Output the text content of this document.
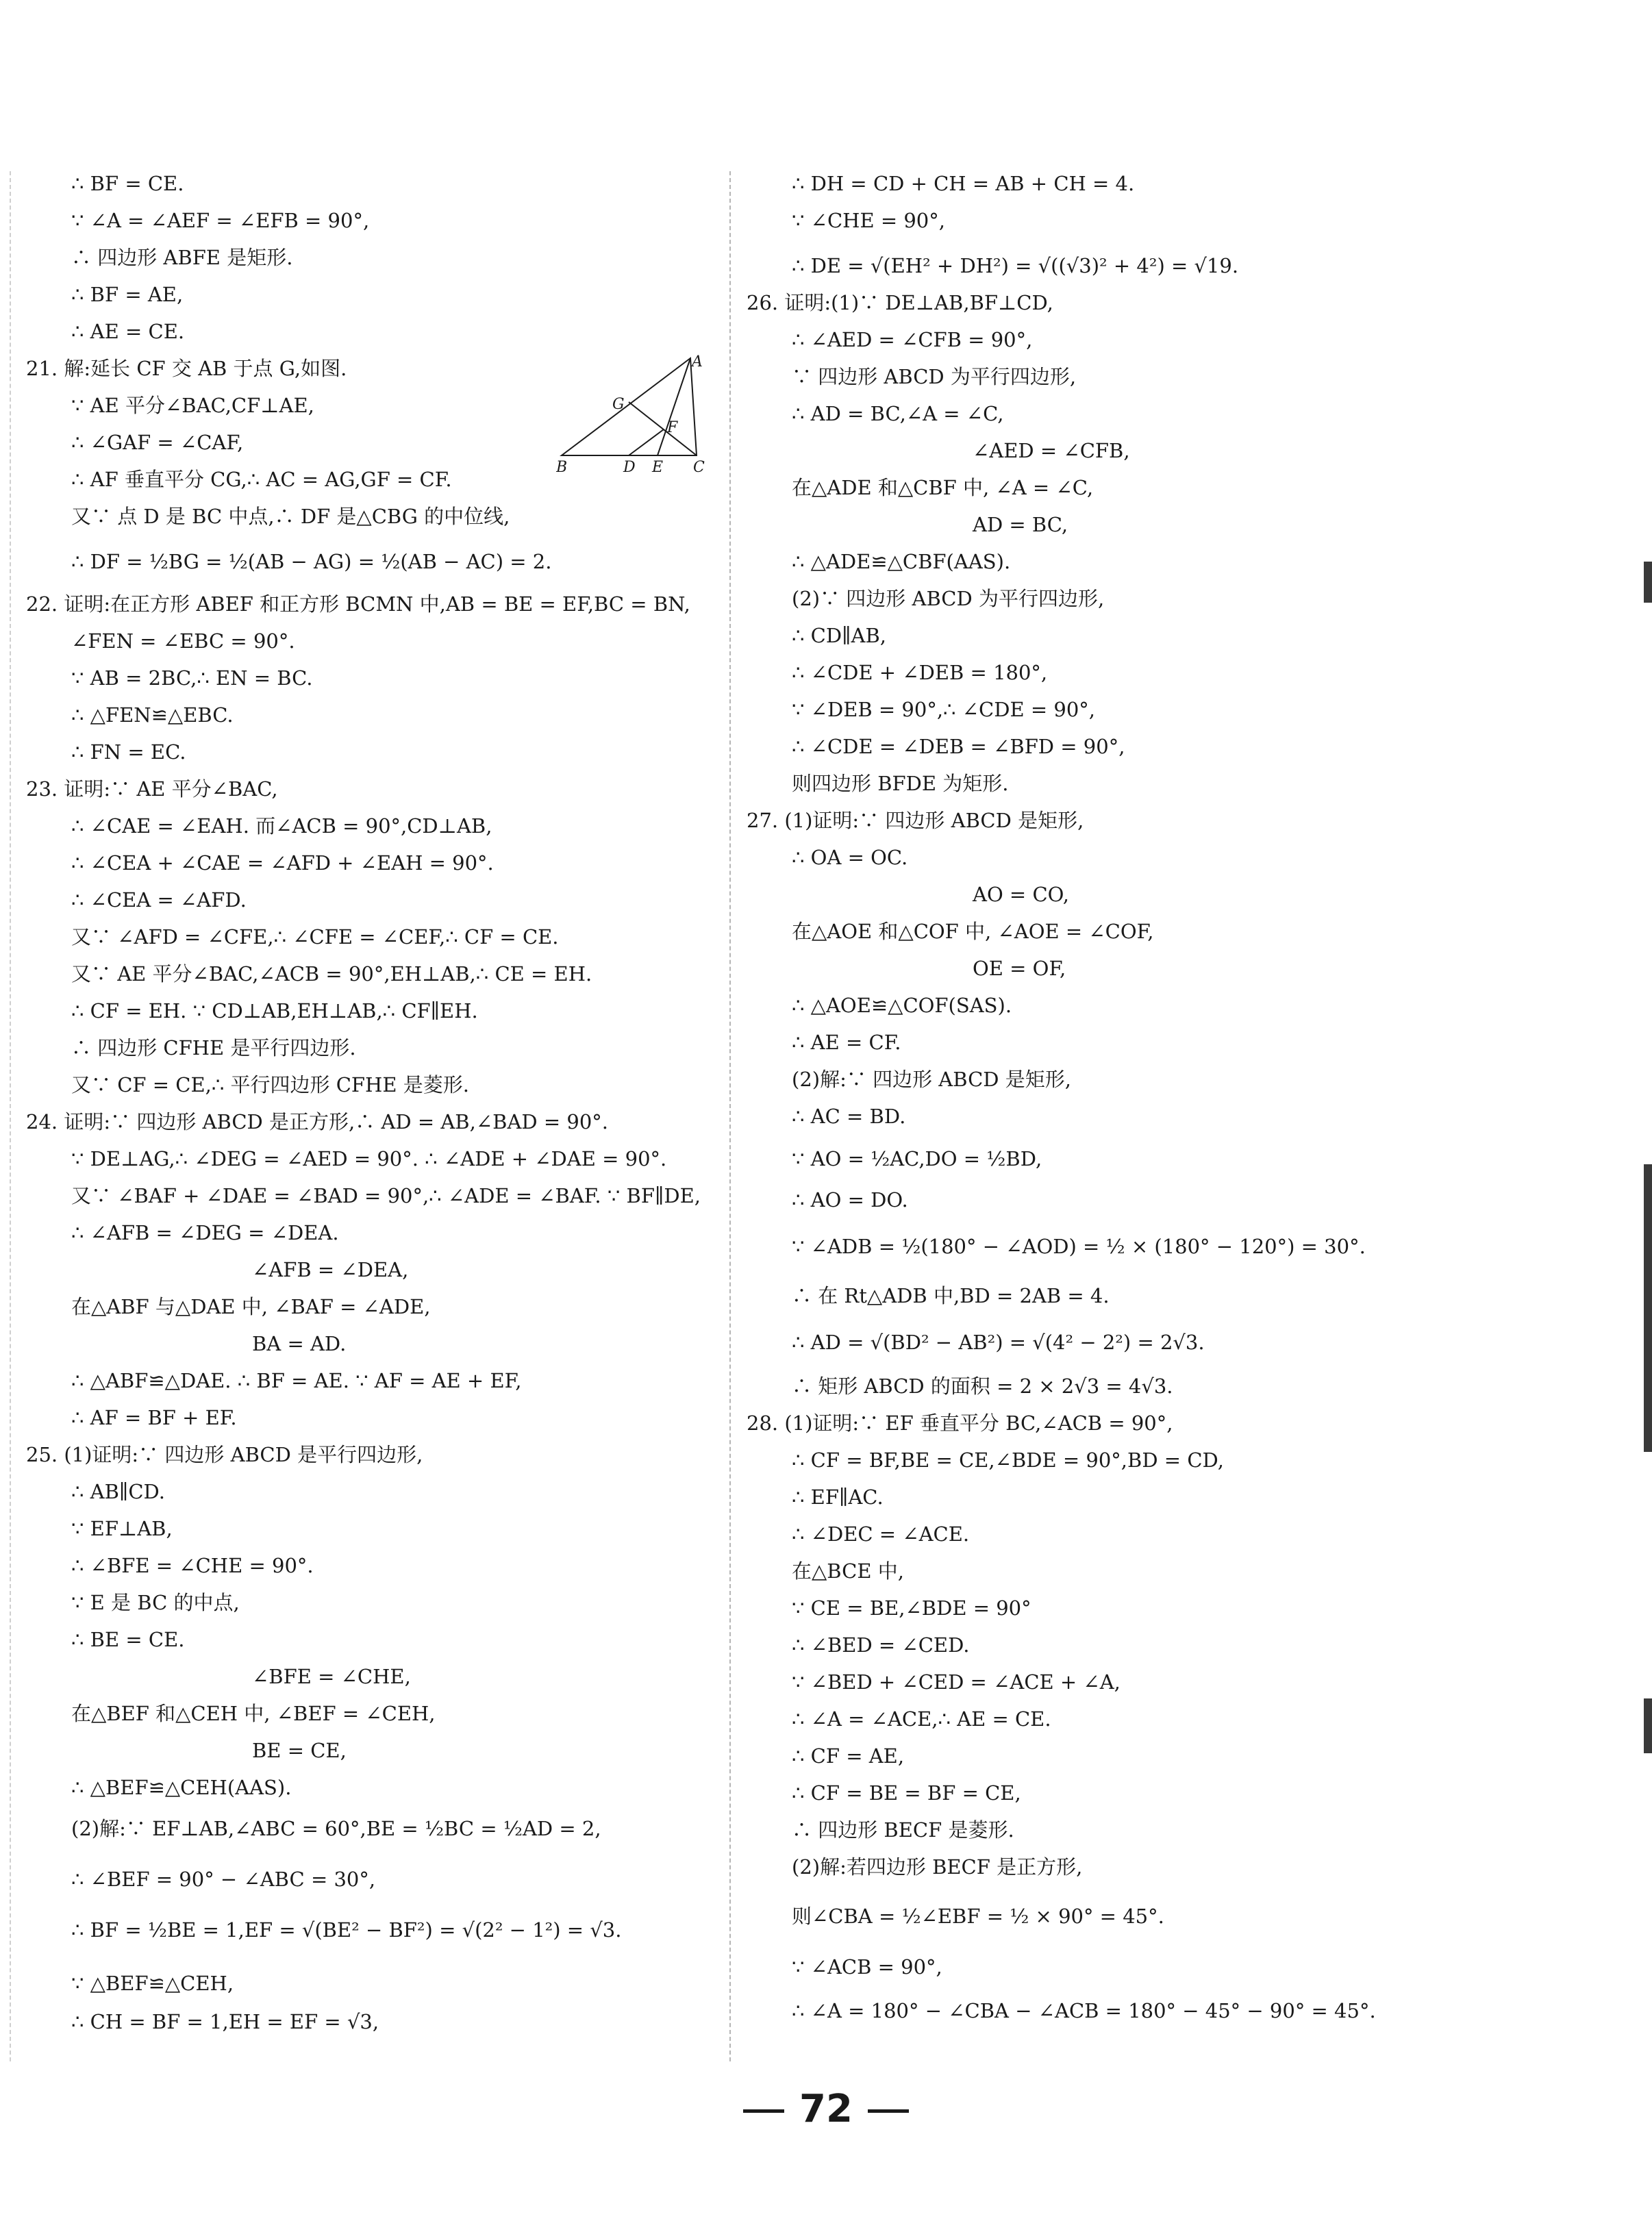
∴ BF = CE.
∵ ∠A = ∠AEF = ∠EFB = 90°,
∴ 四边形 ABFE 是矩形.
∴ BF = AE,
∴ AE = CE.
21. 解:延长 CF 交 AB 于点 G,如图.
∵ AE 平分∠BAC,CF⊥AE,
∴ ∠GAF = ∠CAF,
∴ AF 垂直平分 CG,∴ AC = AG,GF = CF.
又∵ 点 D 是 BC 中点,∴ DF 是△CBG 的中位线,
∴ DF = ½BG = ½(AB − AG) = ½(AB − AC) = 2.
22. 证明:在正方形 ABEF 和正方形 BCMN 中,AB = BE = EF,BC = BN,
∠FEN = ∠EBC = 90°.
∵ AB = 2BC,∴ EN = BC.
∴ △FEN≌△EBC.
∴ FN = EC.
23. 证明:∵ AE 平分∠BAC,
∴ ∠CAE = ∠EAH. 而∠ACB = 90°,CD⊥AB,
∴ ∠CEA + ∠CAE = ∠AFD + ∠EAH = 90°.
∴ ∠CEA = ∠AFD.
又∵ ∠AFD = ∠CFE,∴ ∠CFE = ∠CEF,∴ CF = CE.
又∵ AE 平分∠BAC,∠ACB = 90°,EH⊥AB,∴ CE = EH.
∴ CF = EH. ∵ CD⊥AB,EH⊥AB,∴ CF∥EH.
∴ 四边形 CFHE 是平行四边形.
又∵ CF = CE,∴ 平行四边形 CFHE 是菱形.
24. 证明:∵ 四边形 ABCD 是正方形,∴ AD = AB,∠BAD = 90°.
∵ DE⊥AG,∴ ∠DEG = ∠AED = 90°. ∴ ∠ADE + ∠DAE = 90°.
又∵ ∠BAF + ∠DAE = ∠BAD = 90°,∴ ∠ADE = ∠BAF. ∵ BF∥DE,
∴ ∠AFB = ∠DEG = ∠DEA.
∠AFB = ∠DEA,
在△ABF 与△DAE 中, ∠BAF = ∠ADE,
BA = AD.
∴ △ABF≌△DAE. ∴ BF = AE. ∵ AF = AE + EF,
∴ AF = BF + EF.
25. (1)证明:∵ 四边形 ABCD 是平行四边形,
∴ AB∥CD.
∵ EF⊥AB,
∴ ∠BFE = ∠CHE = 90°.
∵ E 是 BC 的中点,
∴ BE = CE.
∠BFE = ∠CHE,
在△BEF 和△CEH 中, ∠BEF = ∠CEH,
BE = CE,
∴ △BEF≌△CEH(AAS).
(2)解:∵ EF⊥AB,∠ABC = 60°,BE = ½BC = ½AD = 2,
∴ ∠BEF = 90° − ∠ABC = 30°,
∴ BF = ½BE = 1,EF = √(BE² − BF²) = √(2² − 1²) = √3.
∵ △BEF≌△CEH,
∴ CH = BF = 1,EH = EF = √3,
∴ DH = CD + CH = AB + CH = 4.
∵ ∠CHE = 90°,
∴ DE = √(EH² + DH²) = √((√3)² + 4²) = √19.
26. 证明:(1)∵ DE⊥AB,BF⊥CD,
∴ ∠AED = ∠CFB = 90°,
∵ 四边形 ABCD 为平行四边形,
∴ AD = BC,∠A = ∠C,
∠AED = ∠CFB,
在△ADE 和△CBF 中, ∠A = ∠C,
AD = BC,
∴ △ADE≌△CBF(AAS).
(2)∵ 四边形 ABCD 为平行四边形,
∴ CD∥AB,
∴ ∠CDE + ∠DEB = 180°,
∵ ∠DEB = 90°,∴ ∠CDE = 90°,
∴ ∠CDE = ∠DEB = ∠BFD = 90°,
则四边形 BFDE 为矩形.
27. (1)证明:∵ 四边形 ABCD 是矩形,
∴ OA = OC.
AO = CO,
在△AOE 和△COF 中, ∠AOE = ∠COF,
OE = OF,
∴ △AOE≌△COF(SAS).
∴ AE = CF.
(2)解:∵ 四边形 ABCD 是矩形,
∴ AC = BD.
∵ AO = ½AC,DO = ½BD,
∴ AO = DO.
∵ ∠ADB = ½(180° − ∠AOD) = ½ × (180° − 120°) = 30°.
∴ 在 Rt△ADB 中,BD = 2AB = 4.
∴ AD = √(BD² − AB²) = √(4² − 2²) = 2√3.
∴ 矩形 ABCD 的面积 = 2 × 2√3 = 4√3.
28. (1)证明:∵ EF 垂直平分 BC,∠ACB = 90°,
∴ CF = BF,BE = CE,∠BDE = 90°,BD = CD,
∴ EF∥AC.
∴ ∠DEC = ∠ACE.
在△BCE 中,
∵ CE = BE,∠BDE = 90°
∴ ∠BED = ∠CED.
∵ ∠BED + ∠CED = ∠ACE + ∠A,
∴ ∠A = ∠ACE,∴ AE = CE.
∴ CF = AE,
∴ CF = BE = BF = CE,
∴ 四边形 BECF 是菱形.
(2)解:若四边形 BECF 是正方形,
则∠CBA = ½∠EBF = ½ × 90° = 45°.
∵ ∠ACB = 90°,
∴ ∠A = 180° − ∠CBA − ∠ACB = 180° − 45° − 90° = 45°.
A
G
F
B	D E C
72
